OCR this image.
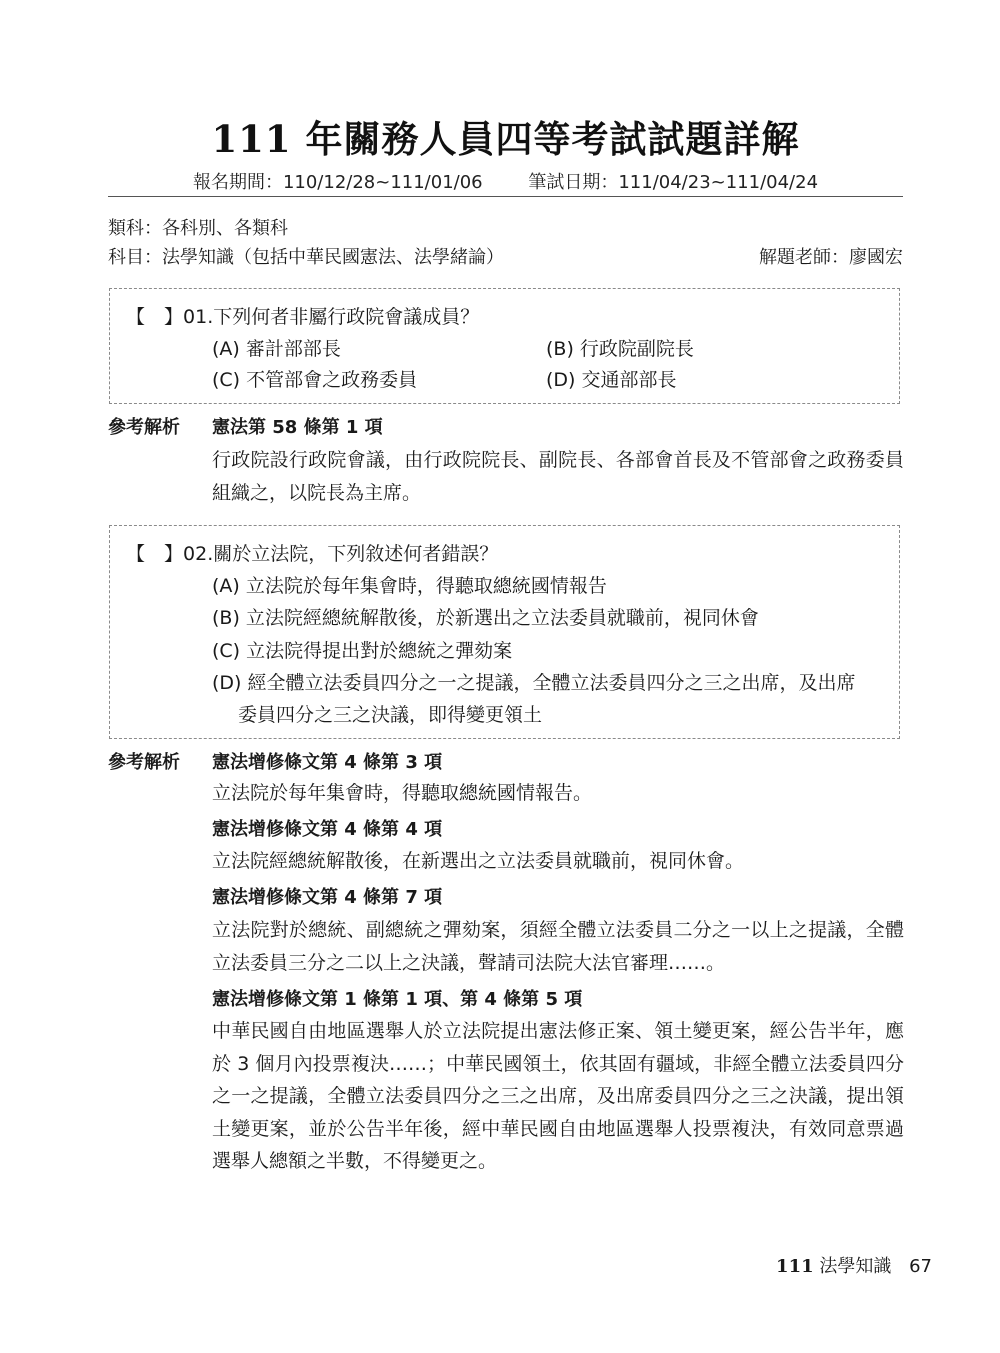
111 年關務人員四等考試試題詳解
報名期間：110/12/28~111/01/06	筆試日期：111/04/23~111/04/24
類科：各科別、各類科
科目：法學知識（包括中華民國憲法、法學緒論）	解題老師：廖國宏
【　】01.下列何者非屬行政院會議成員？
(A) 審計部部長	(B) 行政院副院長
(C) 不管部會之政務委員	(D) 交通部部長
參考解析 憲法第 58 條第 1 項
行政院設行政院會議，由行政院院長、副院長、各部會首長及不管部會之政務委員組織之，以院長為主席。
【　】02.關於立法院，下列敘述何者錯誤？
(A) 立法院於每年集會時，得聽取總統國情報告
(B) 立法院經總統解散後，於新選出之立法委員就職前，視同休會
(C) 立法院得提出對於總統之彈劾案
(D) 經全體立法委員四分之一之提議，全體立法委員四分之三之出席，及出席
委員四分之三之決議，即得變更領土
參考解析 憲法增修條文第 4 條第 3 項
立法院於每年集會時，得聽取總統國情報告。
憲法增修條文第 4 條第 4 項
立法院經總統解散後，在新選出之立法委員就職前，視同休會。
憲法增修條文第 4 條第 7 項
立法院對於總統、副總統之彈劾案，須經全體立法委員二分之一以上之提議，全體立法委員三分之二以上之決議，聲請司法院大法官審理……。
憲法增修條文第 1 條第 1 項、第 4 條第 5 項
中華民國自由地區選舉人於立法院提出憲法修正案、領土變更案，經公告半年，應於 3 個月內投票複決……；中華民國領土，依其固有疆域，非經全體立法委員四分之一之提議，全體立法委員四分之三之出席，及出席委員四分之三之決議，提出領土變更案，並於公告半年後，經中華民國自由地區選舉人投票複決，有效同意票過選舉人總額之半數，不得變更之。
111 法學知識 67
